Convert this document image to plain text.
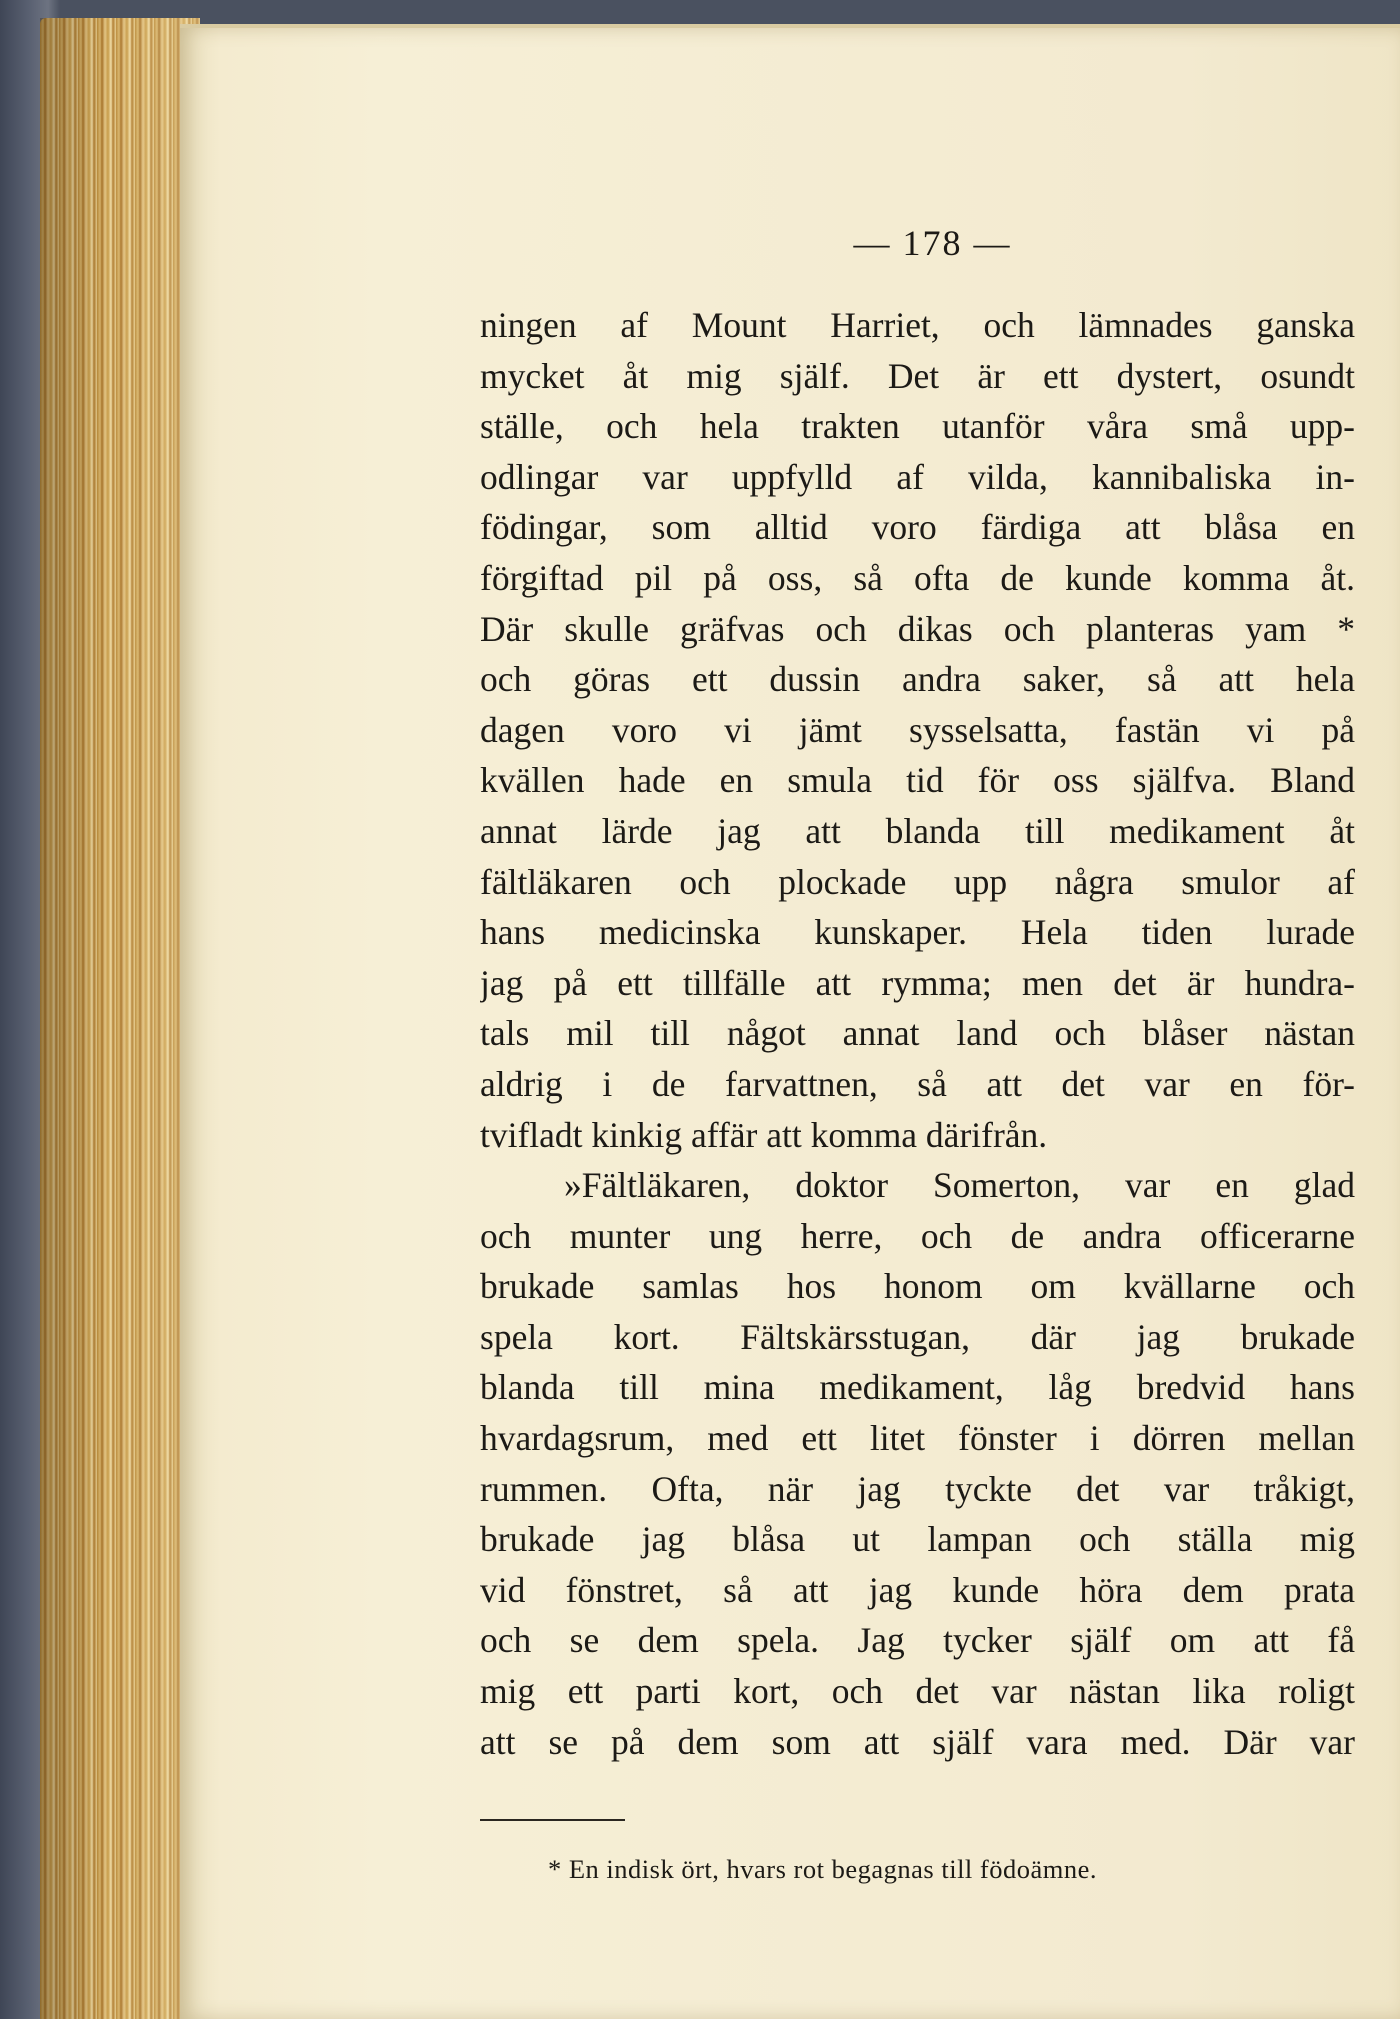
— 178 —
ningen af Mount Harriet, och lämnades ganska
mycket åt mig själf. Det är ett dystert, osundt
ställe, och hela trakten utanför våra små upp-
odlingar var uppfylld af vilda, kannibaliska in-
födingar, som alltid voro färdiga att blåsa en
förgiftad pil på oss, så ofta de kunde komma åt.
Där skulle gräfvas och dikas och planteras yam *
och göras ett dussin andra saker, så att hela
dagen voro vi jämt sysselsatta, fastän vi på
kvällen hade en smula tid för oss själfva. Bland
annat lärde jag att blanda till medikament åt
fältläkaren och plockade upp några smulor af
hans medicinska kunskaper. Hela tiden lurade
jag på ett tillfälle att rymma; men det är hundra-
tals mil till något annat land och blåser nästan
aldrig i de farvattnen, så att det var en för-
tvifladt kinkig affär att komma därifrån.
»Fältläkaren, doktor Somerton, var en glad
och munter ung herre, och de andra officerarne
brukade samlas hos honom om kvällarne och
spela kort. Fältskärsstugan, där jag brukade
blanda till mina medikament, låg bredvid hans
hvardagsrum, med ett litet fönster i dörren mellan
rummen. Ofta, när jag tyckte det var tråkigt,
brukade jag blåsa ut lampan och ställa mig
vid fönstret, så att jag kunde höra dem prata
och se dem spela. Jag tycker själf om att få
mig ett parti kort, och det var nästan lika roligt
att se på dem som att själf vara med. Där var
* En indisk ört, hvars rot begagnas till födoämne.
